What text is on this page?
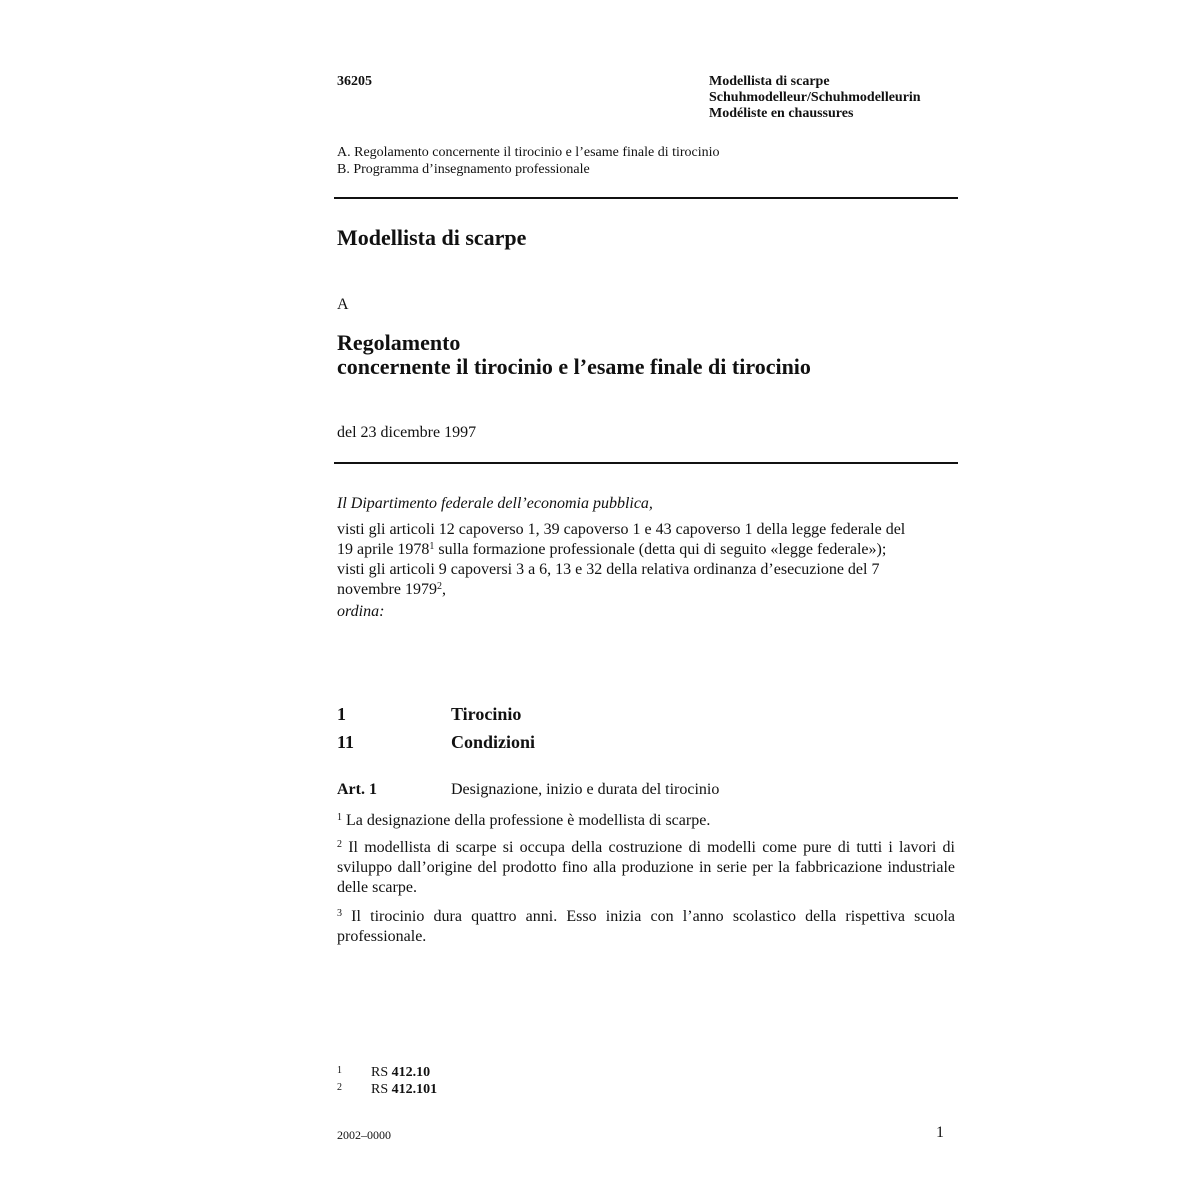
36205	Modellista di scarpe
Schuhmodelleur/Schuhmodelleurin
Modéliste en chaussures
A. Regolamento concernente il tirocinio e l’esame finale di tirocinio
B. Programma d’insegnamento professionale
Modellista di scarpe
A
Regolamento
concernente il tirocinio e l’esame finale di tirocinio
del 23 dicembre 1997
Il Dipartimento federale dell’economia pubblica,
visti gli articoli 12 capoverso 1, 39 capoverso 1 e 43 capoverso 1 della legge federale del 19 aprile 1978$^1$ sulla formazione professionale (detta qui di seguito «legge federale»);
visti gli articoli 9 capoversi 3 a 6, 13 e 32 della relativa ordinanza d’esecuzione del 7 novembre 1979$^2$,
ordina:
1	Tirocinio
11	Condizioni
Art. 1	Designazione, inizio e durata del tirocinio
$^1$ La designazione della professione è modellista di scarpe.
$^2$ Il modellista di scarpe si occupa della costruzione di modelli come pure di tutti i lavori di sviluppo dall’origine del prodotto fino alla produzione in serie per la fabbricazione industriale delle scarpe.
$^3$ Il tirocinio dura quattro anni. Esso inizia con l’anno scolastico della rispettiva scuola professionale.
1 RS 412.10
2 RS 412.101
2002–0000	1
